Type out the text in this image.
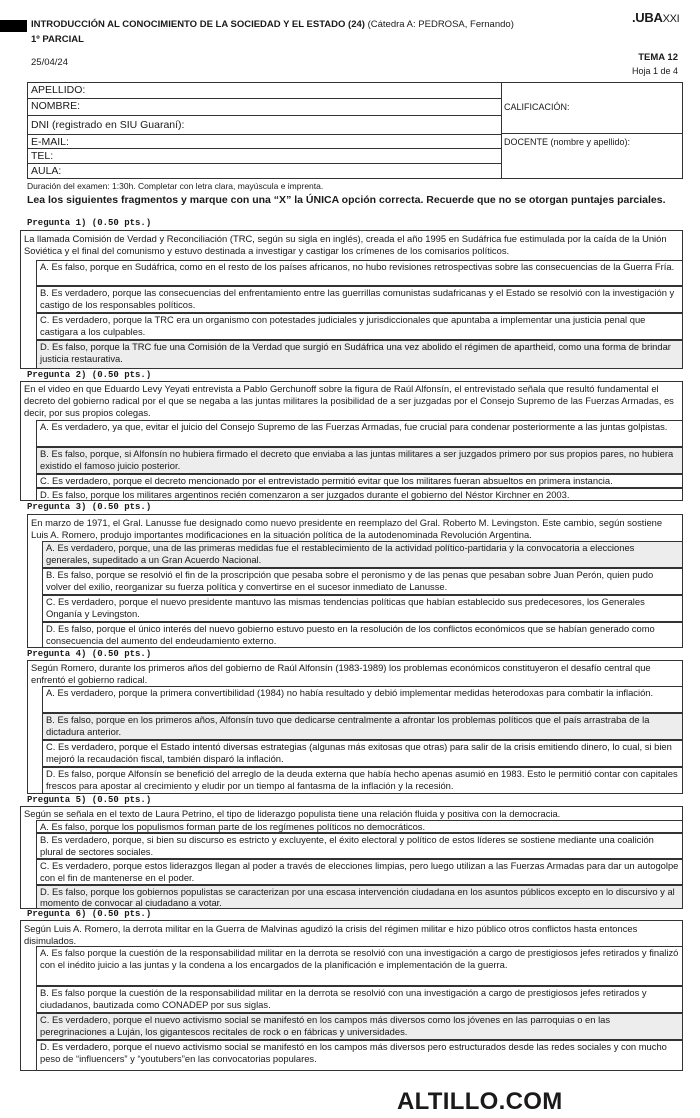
INTRODUCCIÓN AL CONOCIMIENTO DE LA SOCIEDAD Y EL ESTADO (24) (Cátedra A: PEDROSA, Fernando)
1º PARCIAL
25/04/24
.UBAXXI
TEMA 12
Hoja 1 de 4
APELLIDO:
NOMBRE:
DNI (registrado en SIU Guaraní):
E-MAIL:
TEL:
AULA:
CALIFICACIÓN:
DOCENTE (nombre y apellido):
Duración del examen: 1:30h. Completar con letra clara, mayúscula e imprenta.
Lea los siguientes fragmentos y marque con una “X” la ÚNICA opción correcta. Recuerde que no se otorgan puntajes parciales.
Pregunta 1) (0.50 pts.)
La llamada Comisión de Verdad y Reconciliación (TRC, según su sigla en inglés), creada el año 1995 en Sudáfrica fue estimulada por la caída de la Unión Soviética y el final del comunismo y estuvo destinada a investigar y castigar los crímenes de los comisarios políticos.
A. Es falso, porque en Sudáfrica, como en el resto de los países africanos, no hubo revisiones retrospectivas sobre las consecuencias de la Guerra Fría.
B. Es verdadero, porque las consecuencias del enfrentamiento entre las guerrillas comunistas sudafricanas y el Estado se resolvió con la investigación y castigo de los responsables políticos.
C. Es verdadero, porque la TRC era un organismo con potestades judiciales y jurisdiccionales que apuntaba a implementar una justicia penal que castigara a los culpables.
D. Es falso, porque la TRC fue una Comisión de la Verdad que surgió en Sudáfrica una vez abolido el régimen de apartheid, como una forma de brindar justicia restaurativa.
Pregunta 2) (0.50 pts.)
En el video en que Eduardo Levy Yeyati entrevista a Pablo Gerchunoff sobre la figura de Raúl Alfonsín, el entrevistado señala que resultó fundamental el decreto del gobierno radical por el que se negaba a las juntas militares la posibilidad de a ser juzgadas por el Consejo Supremo de las Fuerzas Armadas, es decir, por sus propios colegas.
A. Es verdadero, ya que, evitar el juicio del Consejo Supremo de las Fuerzas Armadas, fue crucial para condenar posteriormente a las juntas golpistas.
B. Es falso, porque, si Alfonsín no hubiera firmado el decreto que enviaba a las juntas militares a ser juzgados primero por sus propios pares, no hubiera existido el famoso juicio posterior.
C. Es verdadero, porque el decreto mencionado por el entrevistado permitió evitar que los militares fueran absueltos en primera instancia.
D. Es falso, porque los militares argentinos recién comenzaron a ser juzgados durante el gobierno del Néstor Kirchner en 2003.
Pregunta 3) (0.50 pts.)
En marzo de 1971, el Gral. Lanusse fue designado como nuevo presidente en reemplazo del Gral. Roberto M. Levingston. Este cambio, según sostiene Luis A. Romero, produjo importantes modificaciones en la situación política de la autodenominada Revolución Argentina.
A. Es verdadero, porque, una de las primeras medidas fue el restablecimiento de la actividad político-partidaria y la convocatoria a elecciones generales, supeditado a un Gran Acuerdo Nacional.
B. Es falso, porque se resolvió el fin de la proscripción que pesaba sobre el peronismo y de las penas que pesaban sobre Juan Perón, quien pudo volver del exilio, reorganizar su fuerza política y convertirse en el sucesor inmediato de Lanusse.
C. Es verdadero, porque el nuevo presidente mantuvo las mismas tendencias políticas que habían establecido sus predecesores, los Generales Onganía y Levingston.
D. Es falso, porque el único interés del nuevo gobierno estuvo puesto en la resolución de los conflictos económicos que se habían generado como consecuencia del aumento del endeudamiento externo.
Pregunta 4) (0.50 pts.)
Según Romero, durante los primeros años del gobierno de Raúl Alfonsín (1983-1989) los problemas económicos constituyeron el desafío central que enfrentó el gobierno radical.
A. Es verdadero, porque la primera convertibilidad (1984) no había resultado y debió implementar medidas heterodoxas para combatir la inflación.
B. Es falso, porque en los primeros años, Alfonsín tuvo que dedicarse centralmente a afrontar los problemas políticos que el país arrastraba de la dictadura anterior.
C. Es verdadero, porque el Estado intentó diversas estrategias (algunas más exitosas que otras) para salir de la crisis emitiendo dinero, lo cual, si bien mejoró la recaudación fiscal, también disparó la inflación.
D. Es falso, porque Alfonsín se benefició del arreglo de la deuda externa que había hecho apenas asumió en 1983. Esto le permitió contar con capitales frescos para apostar al crecimiento y eludir por un tiempo al fantasma de la inflación y la recesión.
Pregunta 5) (0.50 pts.)
Según se señala en el texto de Laura Petrino, el tipo de liderazgo populista tiene una relación fluida y positiva con la democracia.
A. Es falso, porque los populismos forman parte de los regímenes políticos no democráticos.
B. Es verdadero, porque, si bien su discurso es estricto y excluyente, el éxito electoral y político de estos líderes se sostiene mediante una coalición plural de sectores sociales.
C. Es verdadero, porque estos liderazgos llegan al poder a través de elecciones limpias, pero luego utilizan a las Fuerzas Armadas para dar un autogolpe con el fin de mantenerse en el poder.
D. Es falso, porque los gobiernos populistas se caracterizan por una escasa intervención ciudadana en los asuntos públicos excepto en lo discursivo y al momento de convocar al ciudadano a votar.
Pregunta 6) (0.50 pts.)
Según Luis A. Romero, la derrota militar en la Guerra de Malvinas agudizó la crisis del régimen militar e hizo público otros conflictos hasta entonces disimulados.
A. Es falso porque la cuestión de la responsabilidad militar en la derrota se resolvió con una investigación a cargo de prestigiosos jefes retirados y finalizó con el inédito juicio a las juntas y la condena a los encargados de la planificación e implementación de la guerra.
B. Es falso porque la cuestión de la responsabilidad militar en la derrota se resolvió con una investigación a cargo de prestigiosos jefes retirados y ciudadanos, bautizada como CONADEP por sus siglas.
C. Es verdadero, porque el nuevo activismo social se manifestó en los campos más diversos como los jóvenes en las parroquias o en las peregrinaciones a Luján, los gigantescos recitales de rock o en fábricas y universidades.
D. Es verdadero, porque el nuevo activismo social se manifestó en los campos más diversos pero estructurados desde las redes sociales y con mucho peso de “influencers” y “youtubers”en las convocatorias populares.
ALTILLO.COM
